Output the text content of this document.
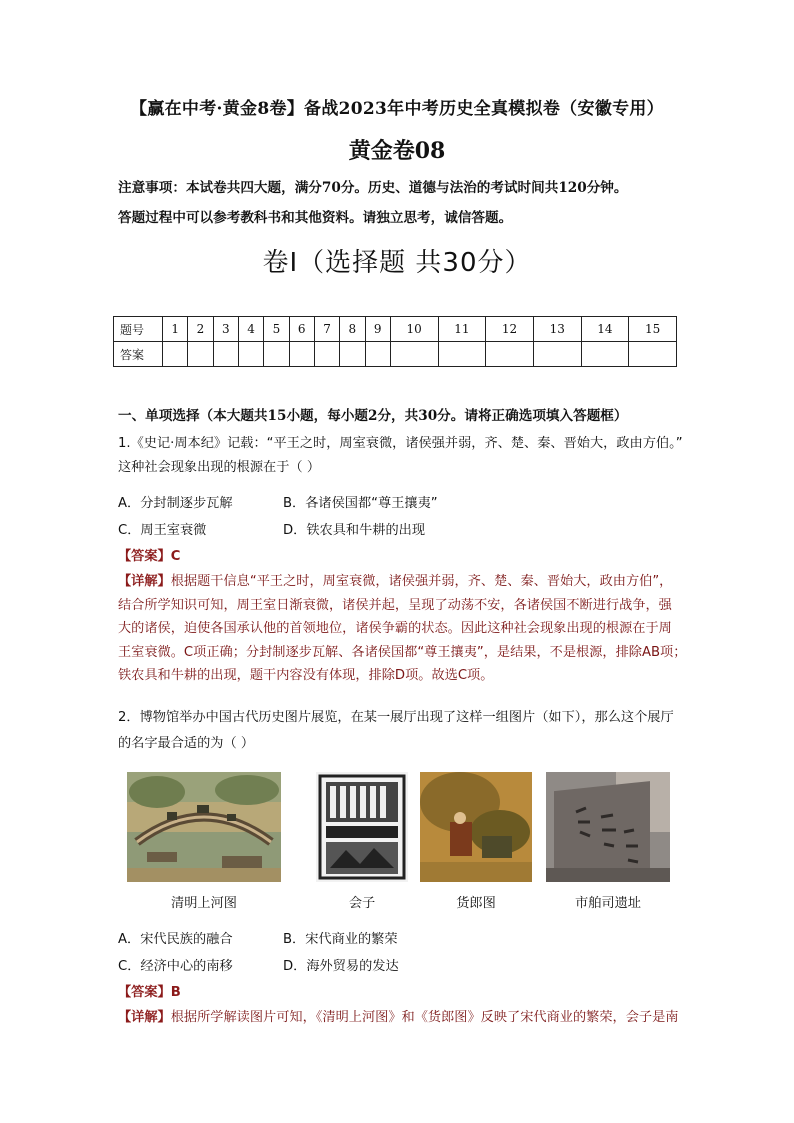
【赢在中考·黄金8卷】备战2023年中考历史全真模拟卷（安徽专用）
黄金卷08
注意事项：本试卷共四大题，满分70分。历史、道德与法治的考试时间共120分钟。
答题过程中可以参考教科书和其他资料。请独立思考，诚信答题。
卷Ⅰ（选择题 共30分）
题号	1	2	3	4	5	6	7	8	9	10	11	12	13	14	15
答案															
一、单项选择（本大题共15小题，每小题2分，共30分。请将正确选项填入答题框）
1.《史记·周本纪》记载：“平王之时，周室衰微，诸侯强并弱，齐、楚、秦、晋始大，政由方伯。”
这种社会现象出现的根源在于（ ）
A．分封制逐步瓦解	B．各诸侯国都“尊王攘夷”
C．周王室衰微	D．铁农具和牛耕的出现
【答案】C
【详解】根据题干信息“平王之时，周室衰微，诸侯强并弱，齐、楚、秦、晋始大，政由方伯”，
结合所学知识可知，周王室日渐衰微，诸侯并起，呈现了动荡不安，各诸侯国不断进行战争，强
大的诸侯，迫使各国承认他的首领地位，诸侯争霸的状态。因此这种社会现象出现的根源在于周
王室衰微。C项正确；分封制逐步瓦解、各诸侯国都“尊王攘夷”，是结果，不是根源，排除AB项；
铁农具和牛耕的出现，题干内容没有体现，排除D项。故选C项。
2．博物馆举办中国古代历史图片展览，在某一展厅出现了这样一组图片（如下），那么这个展厅
的名字最合适的为（ ）
清明上河图	会子	货郎图	市舶司遗址
A．宋代民族的融合	B．宋代商业的繁荣
C．经济中心的南移	D．海外贸易的发达
【答案】B
【详解】根据所学解读图片可知，《清明上河图》和《货郎图》反映了宋代商业的繁荣，会子是南
